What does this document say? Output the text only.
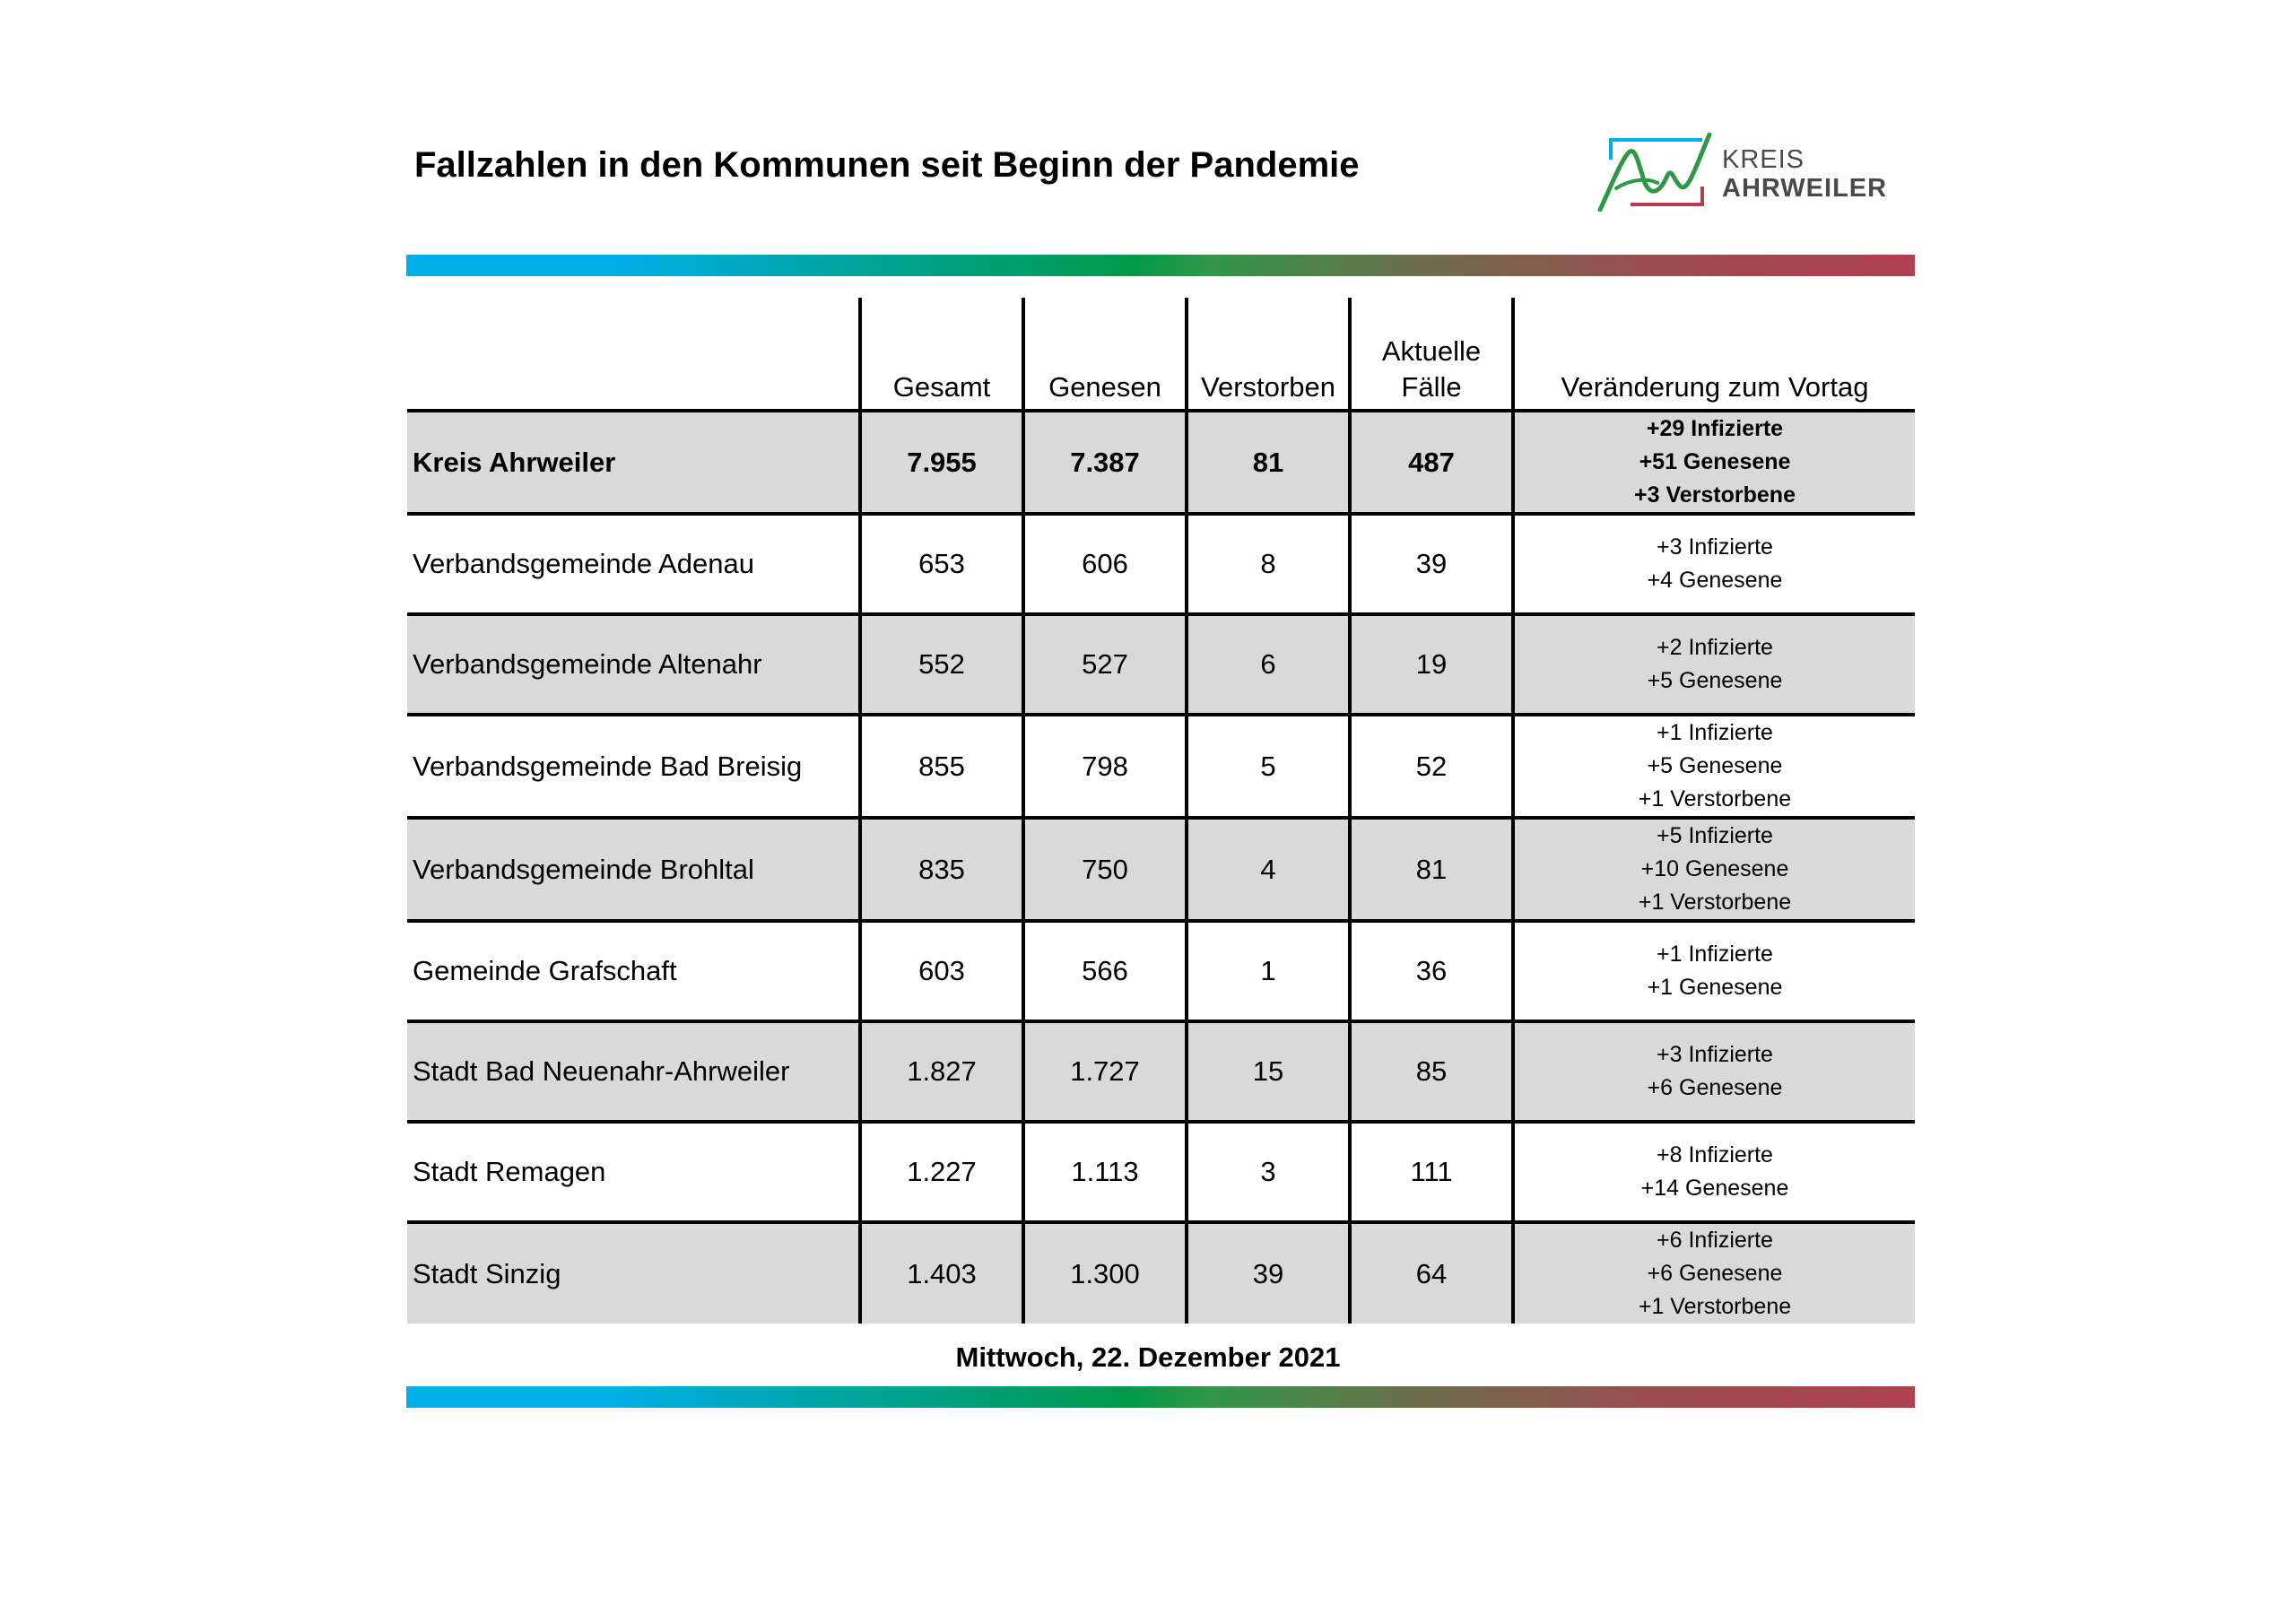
Fallzahlen in den Kommunen seit Beginn der Pandemie	KREIS
AHRWEILER
	Gesamt	Genesen	Verstorben	Aktuelle
Fälle	Veränderung zum Vortag
Kreis Ahrweiler	7.955	7.387	81	487	+29 Infizierte
+51 Genesene
+3 Verstorbene

Verbandsgemeinde Adenau	653	606	8	39	+3 Infizierte
+4 Genesene

Verbandsgemeinde Altenahr	552	527	6	19	+2 Infizierte
+5 Genesene

Verbandsgemeinde Bad Breisig	855	798	5	52	+1 Infizierte
+5 Genesene
+1 Verstorbene

Verbandsgemeinde Brohltal	835	750	4	81	+5 Infizierte
+10 Genesene
+1 Verstorbene

Gemeinde Grafschaft	603	566	1	36	+1 Infizierte
+1 Genesene

Stadt Bad Neuenahr-Ahrweiler	1.827	1.727	15	85	+3 Infizierte
+6 Genesene

Stadt Remagen	1.227	1.113	3	111	+8 Infizierte
+14 Genesene

Stadt Sinzig	1.403	1.300	39	64	+6 Infizierte
+6 Genesene
+1 Verstorbene
Mittwoch, 22. Dezember 2021
